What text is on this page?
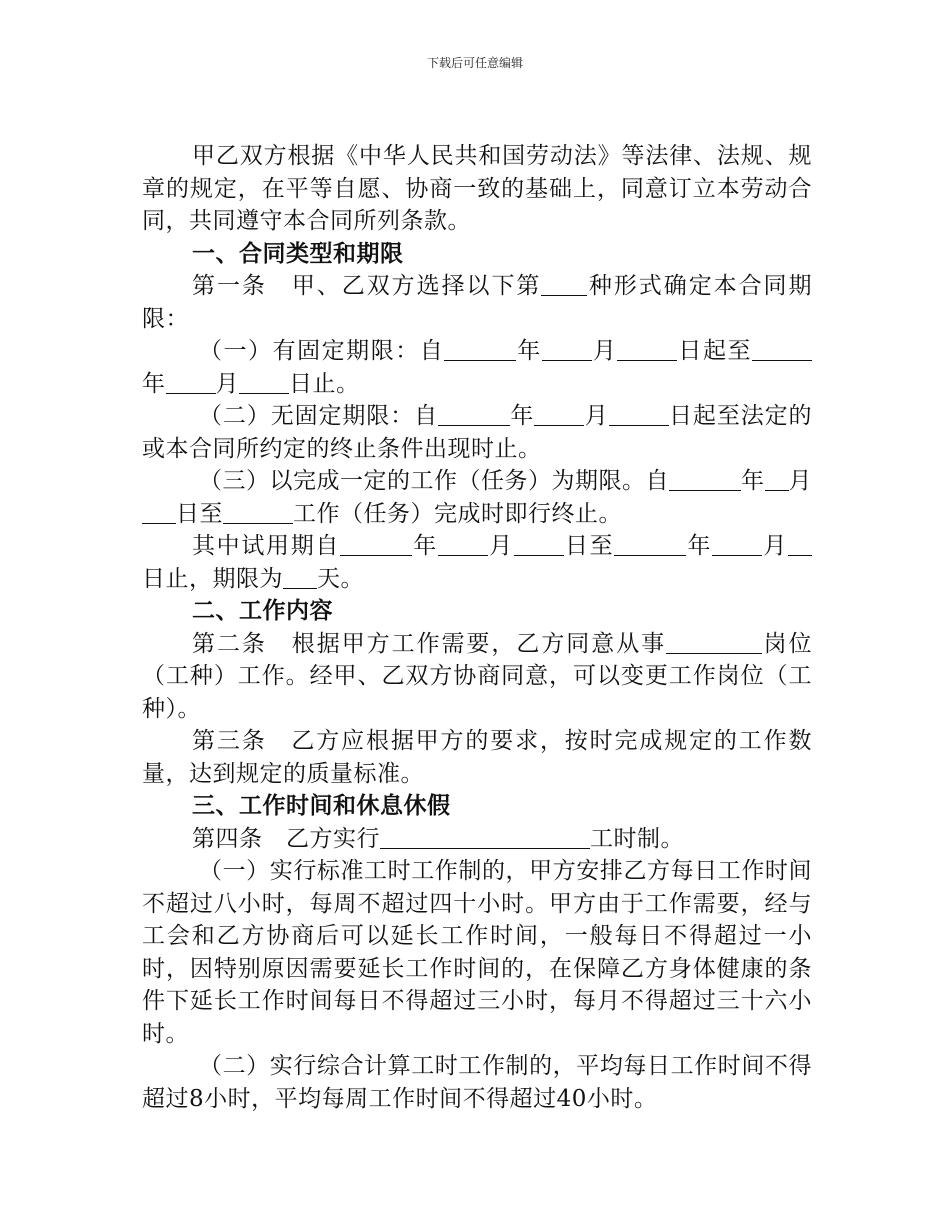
下载后可任意编辑

甲乙双方根据《中华人民共和国劳动法》等法律、法规、规章的规定，在平等自愿、协商一致的基础上，同意订立本劳动合同，共同遵守本合同所列条款。

一、合同类型和期限

第一条　甲、乙双方选择以下第 种形式确定本合同期限：

（一）有固定期限：自	年 月	日起至年 月 日止。

（二）无固定期限：自	年 月	日起至法定的或本合同所约定的终止条件出现时止。

（三）以完成一定的工作（任务）为期限。自	年 月日至	工作（任务）完成时即行终止。

其中试用期自	年 月 日至	年 月日止，期限为 天。

二、工作内容

第二条　根据甲方工作需要，乙方同意从事	岗位（工种）工作。经甲、乙双方协商同意，可以变更工作岗位（工种）。

第三条　乙方应根据甲方的要求，按时完成规定的工作数量，达到规定的质量标准。

三、工作时间和休息休假

第四条　乙方实行	工时制。

（一）实行标准工时工作制的，甲方安排乙方每日工作时间不超过八小时，每周不超过四十小时。甲方由于工作需要，经与工会和乙方协商后可以延长工作时间，一般每日不得超过一小时，因特别原因需要延长工作时间的，在保障乙方身体健康的条件下延长工作时间每日不得超过三小时，每月不得超过三十六小时。

（二）实行综合计算工时工作制的，平均每日工作时间不得超过8小时，平均每周工作时间不得超过40小时。
